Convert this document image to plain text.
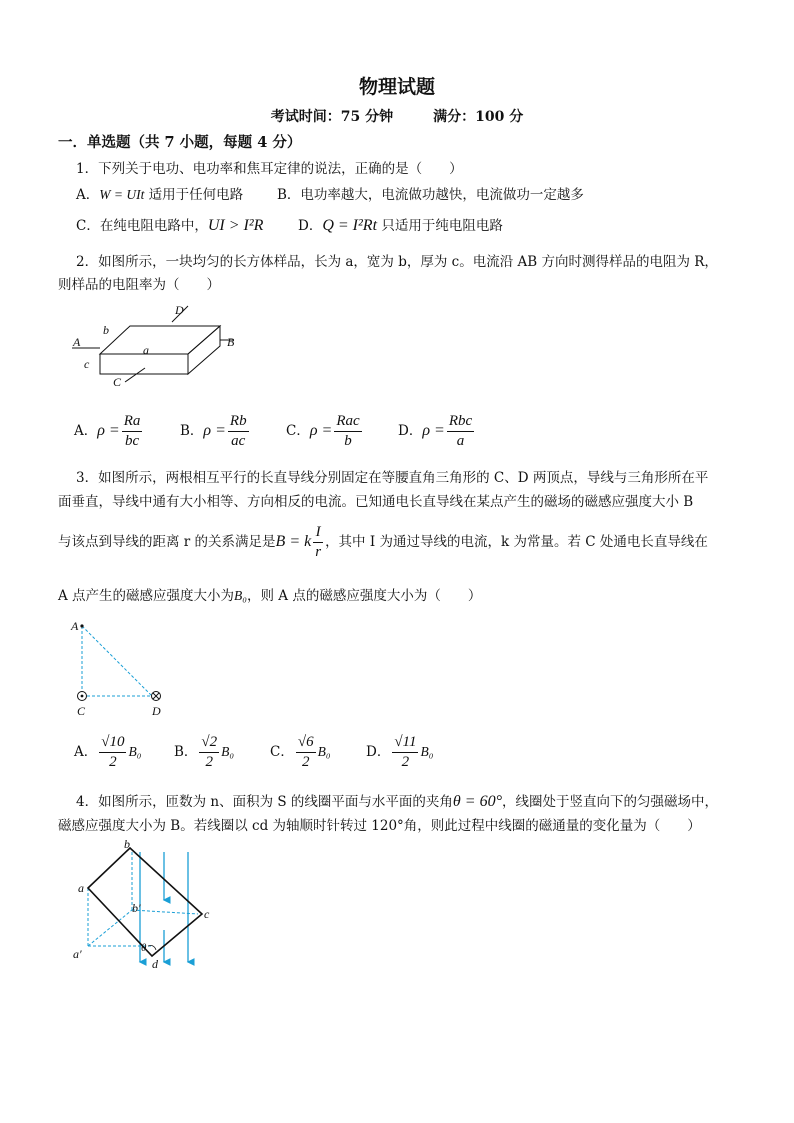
物理试题
考试时间：75 分钟	满分：100 分
一．单选题（共 7 小题，每题 4 分）
1．下列关于电功、电功率和焦耳定律的说法，正确的是（　　）
A．W = UIt 适用于任何电路	B．电功率越大，电流做功越快，电流做功一定越多
C．在纯电阻电路中，UI > I²R	D．Q = I²Rt 只适用于纯电阻电路
2．如图所示，一块均匀的长方体样品，长为 a，宽为 b，厚为 c。电流沿 AB 方向时测得样品的电阻为 R，
则样品的电阻率为（　　）
A	B
D
C
a
b
c
A．$\rho = \frac{Ra}{bc}$	B．$\rho = \frac{Rb}{ac}$	C．$\rho = \frac{\text{Rac}}{b}$	D．$\rho = \frac{\text{Rbc}}{a}$
3．如图所示，两根相互平行的长直导线分别固定在等腰直角三角形的 C、D 两顶点，导线与三角形所在平
面垂直，导线中通有大小相等、方向相反的电流。已知通电长直导线在某点产生的磁场的磁感应强度大小 B
与该点到导线的距离 r 的关系满足是B = k $\frac{I}{r}$ ，其中 I 为通过导线的电流，k 为常量。若 C 处通电长直导线在
A 点产生的磁感应强度大小为B₀，则 A 点的磁感应强度大小为（　　）
A
C	D
A． $\frac{√10}{2} B_0$ B． $\frac{√2}{2} B_0$	C． $\frac{√6}{2} B_0$	D． $\frac{√11}{2} B_0$
4．如图所示，匝数为 n、面积为 S 的线圈平面与水平面的夹角θ = 60°，线圈处于竖直向下的匀强磁场中，
磁感应强度大小为 B。若线圈以 cd 为轴顺时针转过 120°角，则此过程中线圈的磁通量的变化量为（　　）
a
b
c
d
a′
b′
θ
